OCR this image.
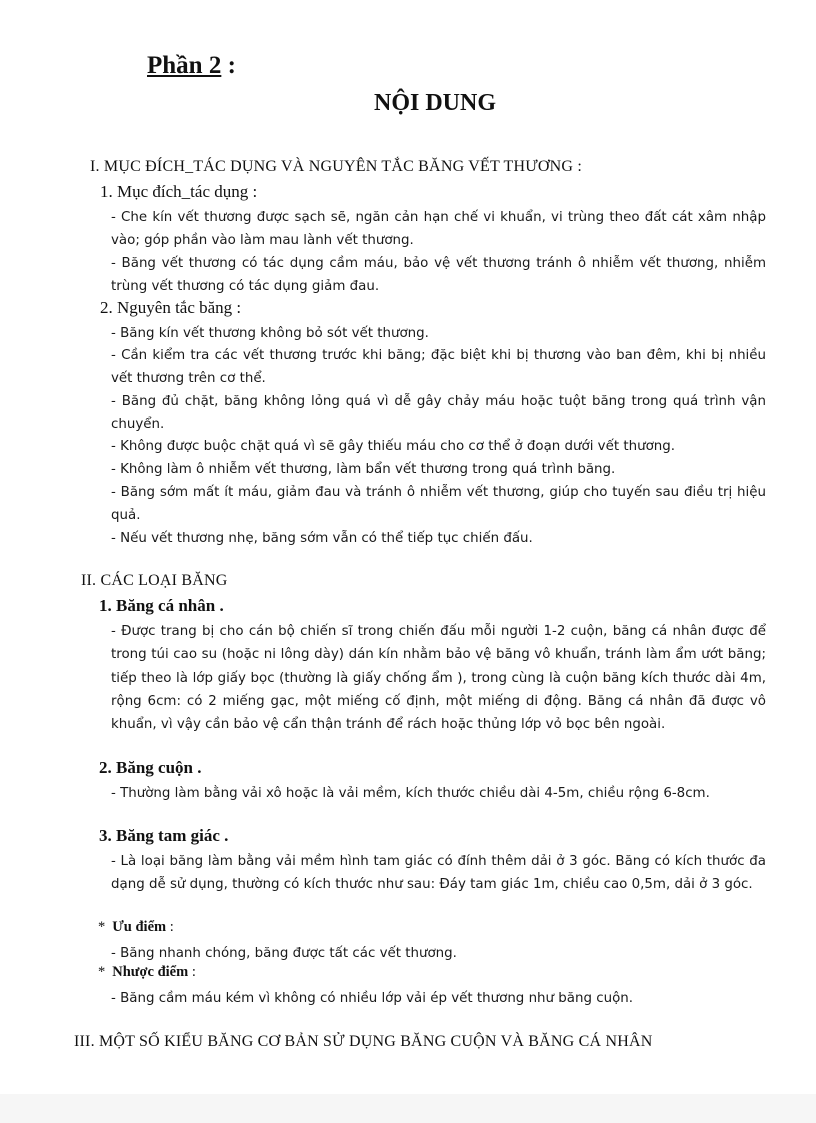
Phần 2 :
NỘI DUNG
I. MỤC ĐÍCH_TÁC DỤNG VÀ NGUYÊN TẮC BĂNG VẾT THƯƠNG :
1. Mục đích_tác dụng :
- Che kín vết thương được sạch sẽ, ngăn cản hạn chế vi khuẩn, vi trùng theo đất cát xâm nhập vào; góp phần vào làm mau lành vết thương.
- Băng vết thương có tác dụng cầm máu, bảo vệ vết thương tránh ô nhiễm vết thương, nhiễm trùng vết thương có tác dụng giảm đau.
2. Nguyên tắc băng :
- Băng kín vết thương không bỏ sót vết thương.
- Cần kiểm tra các vết thương trước khi băng; đặc biệt khi bị thương vào ban đêm, khi bị nhiều vết thương trên cơ thể.
- Băng đủ chặt, băng không lỏng quá vì dễ gây chảy máu hoặc tuột băng trong quá trình vận chuyển.
- Không được buộc chặt quá vì sẽ gây thiếu máu cho cơ thể ở đoạn dưới vết thương.
- Không làm ô nhiễm vết thương, làm bẩn vết thương trong quá trình băng.
- Băng sớm mất ít máu, giảm đau và tránh ô nhiễm vết thương, giúp cho tuyến sau điều trị hiệu quả.
- Nếu vết thương nhẹ, băng sớm vẫn có thể tiếp tục chiến đấu.
II. CÁC LOẠI BĂNG
1. Băng cá nhân .
- Được trang bị cho cán bộ chiến sĩ trong chiến đấu mỗi người 1-2 cuộn, băng cá nhân được để trong túi cao su (hoặc ni lông dày) dán kín nhằm bảo vệ băng vô khuẩn, tránh làm ẩm ướt băng; tiếp theo là lớp giấy bọc (thường là giấy chống ẩm ), trong cùng là cuộn băng kích thước dài 4m, rộng 6cm: có 2 miếng gạc, một miếng cố định, một miếng di động. Băng cá nhân đã được vô khuẩn, vì vậy cần bảo vệ cẩn thận tránh để rách hoặc thủng lớp vỏ bọc bên ngoài.
2. Băng cuộn .
- Thường làm bằng vải xô hoặc là vải mềm, kích thước chiều dài 4-5m, chiều rộng 6-8cm.
3. Băng tam giác .
- Là loại băng làm bằng vải mềm hình tam giác có đính thêm dải ở 3 góc. Băng có kích thước đa dạng dễ sử dụng, thường có kích thước như sau: Đáy tam giác 1m, chiều cao 0,5m, dải ở 3 góc.
* Ưu điểm :
- Băng nhanh chóng, băng được tất các vết thương.
* Nhược điểm :
- Băng cầm máu kém vì không có nhiều lớp vải ép vết thương như băng cuộn.
III. MỘT SỐ KIỂU BĂNG CƠ BẢN SỬ DỤNG BĂNG CUỘN VÀ BĂNG CÁ NHÂN
